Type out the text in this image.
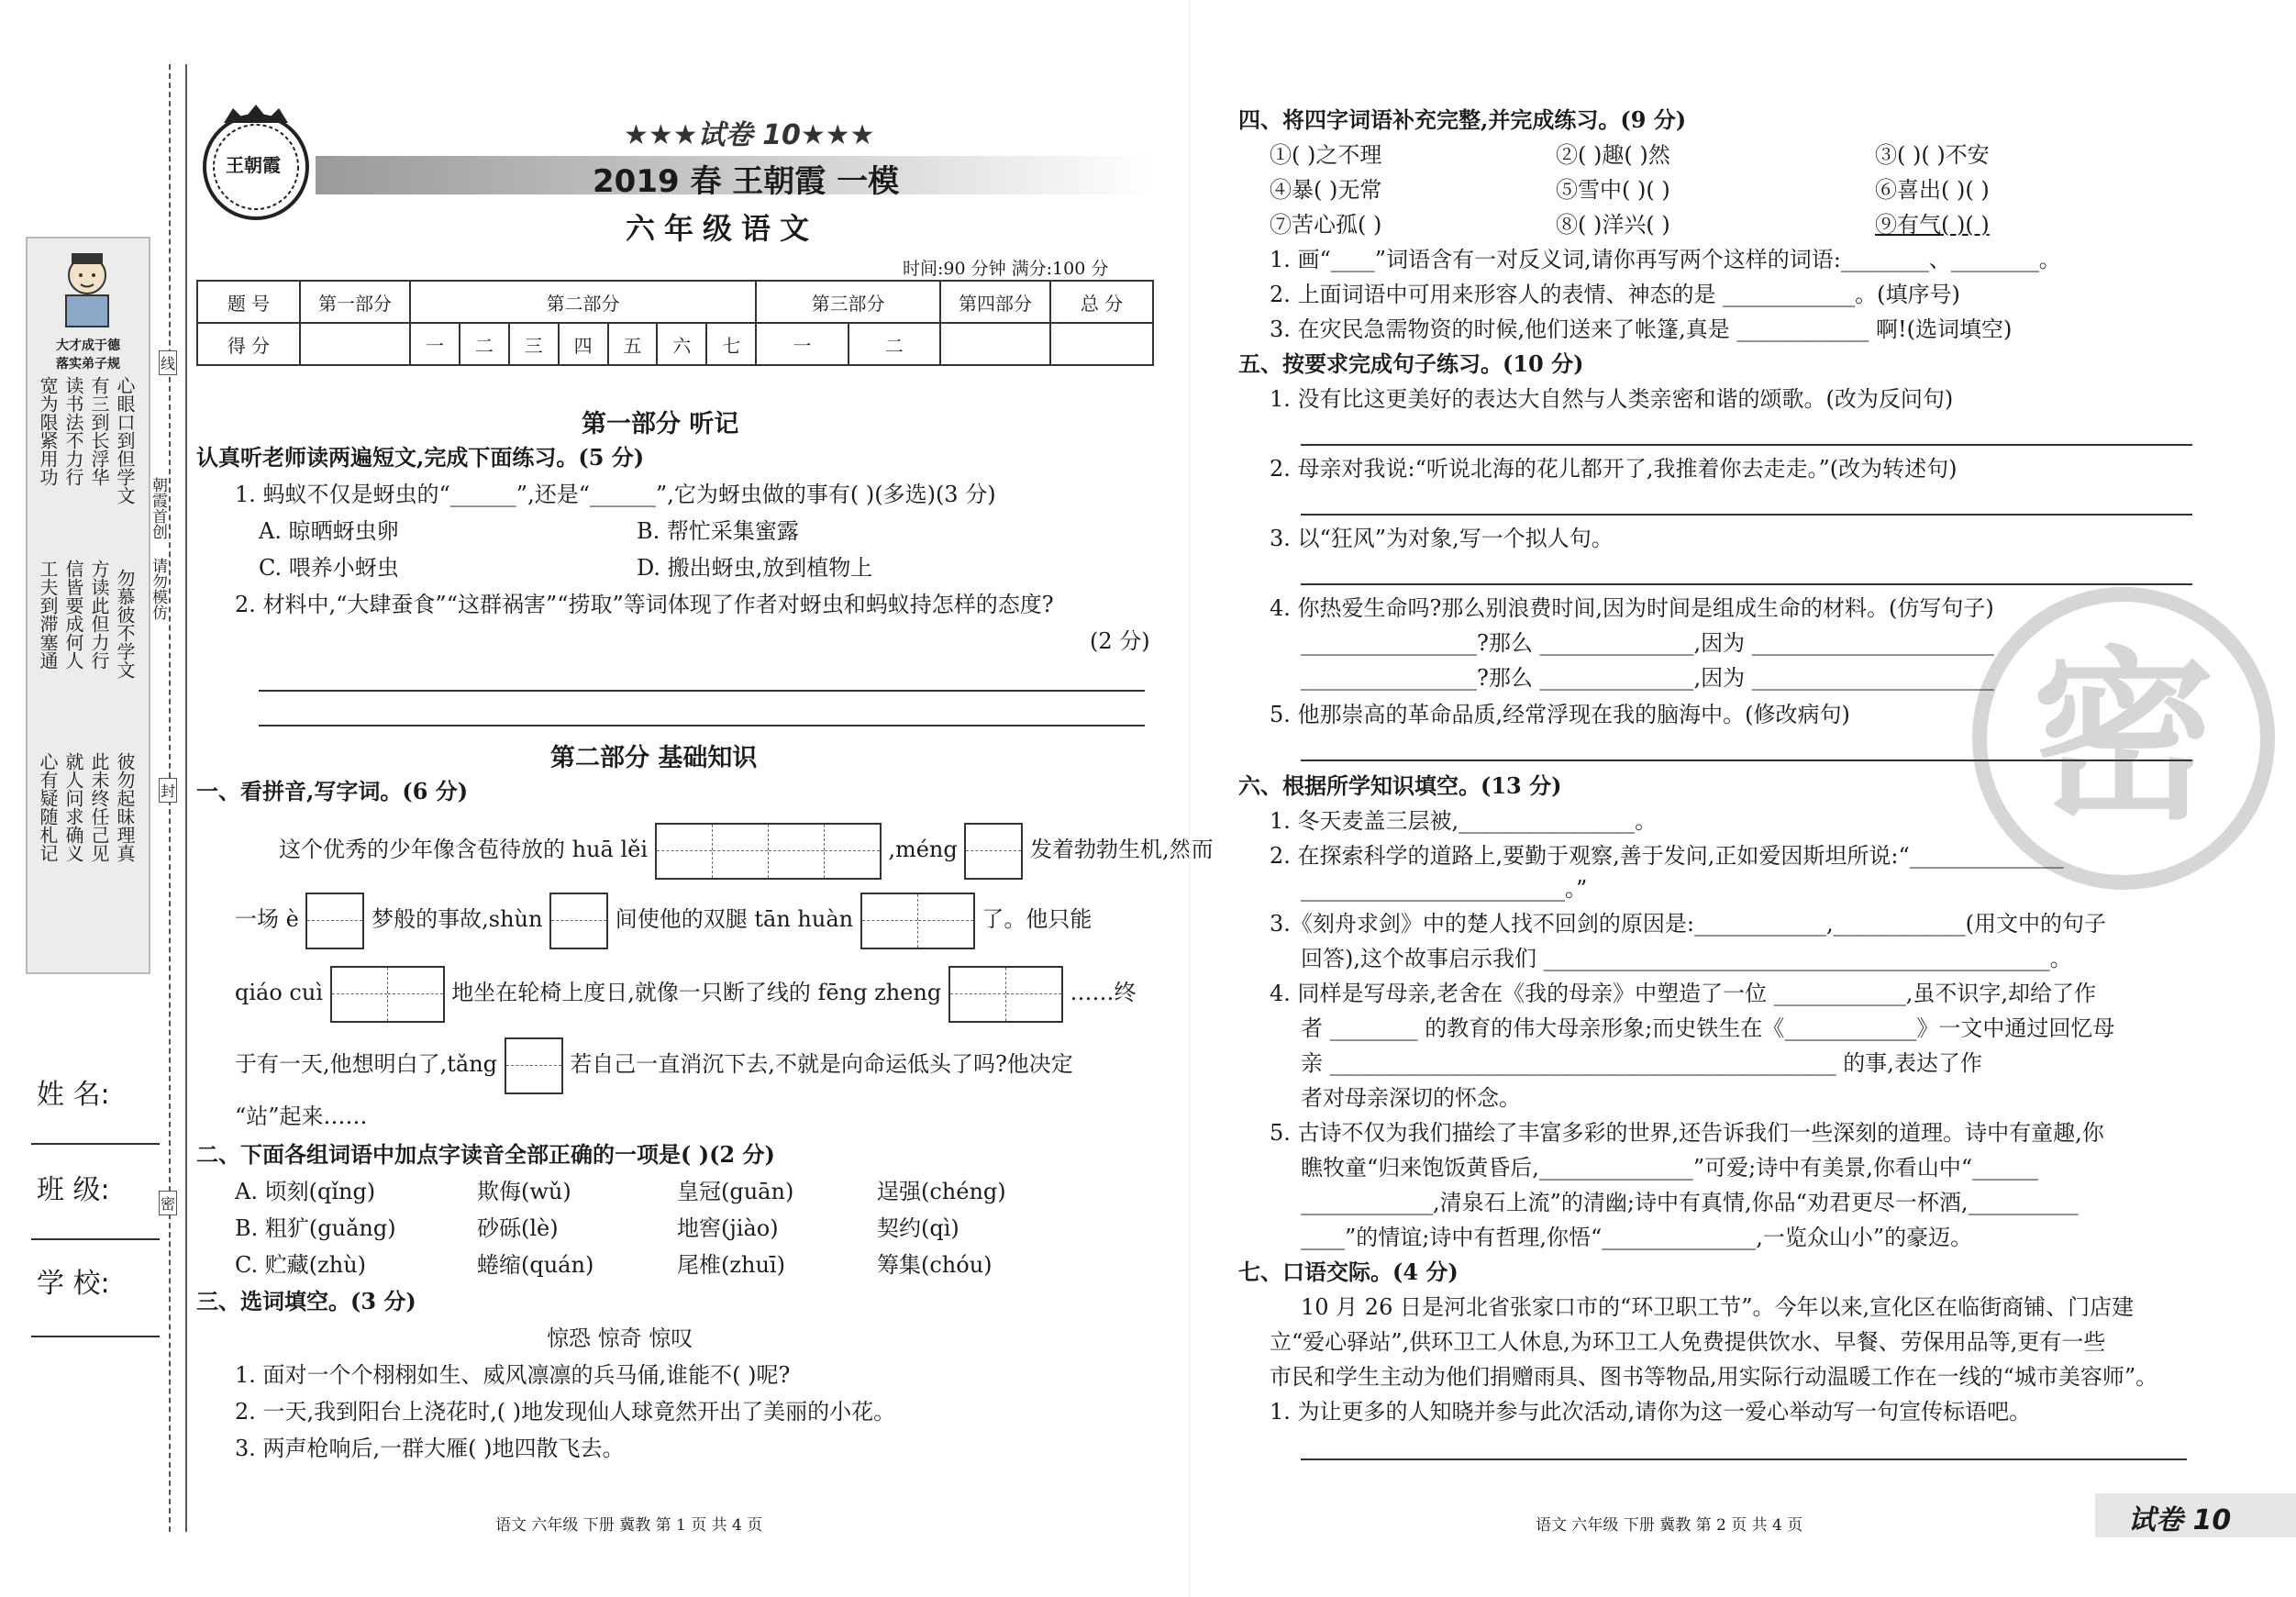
大才成于德
落实弟子规
宽为限紧用功 读书法不力行 有三到长浮华 心眼口到但学文
工夫到滞塞通 信皆要成何人 方读此但力行 勿慕彼不学文
心有疑随札记 就人问求确义 此未终任己见 彼勿起昧理真
朝霞首创 请勿模仿
线
封
密
姓 名:
班 级:
学 校:
王朝霞
★★★试卷 10★★★
2019 春 王朝霞 一模
六年级语文
时间:90 分钟 满分:100 分
题 号	第一部分	第二部分							第三部分		第四部分	总 分
得 分		一	二	三	四	五	六	七	一	二		
第一部分 听记
认真听老师读两遍短文,完成下面练习。(5 分)
1. 蚂蚁不仅是蚜虫的“______”,还是“______”,它为蚜虫做的事有( )(多选)(3 分)
A. 晾晒蚜虫卵	B. 帮忙采集蜜露
C. 喂养小蚜虫	D. 搬出蚜虫,放到植物上
2. 材料中,“大肆蚕食”“这群祸害”“捞取”等词体现了作者对蚜虫和蚂蚁持怎样的态度?
(2 分)
第二部分 基础知识
一、看拼音,写字词。(6 分)
这个优秀的少年像含苞待放的 huā lěi	,méng	发着勃勃生机,然而
一场 è	梦般的事故,shùn	间使他的双腿 tān huàn	了。他只能
qiáo cuì	地坐在轮椅上度日,就像一只断了线的 fēng zheng	……终
于有一天,他想明白了,tǎng	若自己一直消沉下去,不就是向命运低头了吗?他决定
“站”起来……
二、下面各组词语中加点字读音全部正确的一项是( )(2 分)
A. 顷刻(qǐng)	欺侮(wǔ)	皇冠(guān)	逞强(chéng)
B. 粗犷(guǎng)	砂砾(lè)	地窖(jiào)	契约(qì)
C. 贮藏(zhù)	蜷缩(quán)	尾椎(zhuī)	筹集(chóu)
三、选词填空。(3 分)
惊恐 惊奇 惊叹
1. 面对一个个栩栩如生、威风凛凛的兵马俑,谁能不( )呢?
2. 一天,我到阳台上浇花时,( )地发现仙人球竟然开出了美丽的小花。
3. 两声枪响后,一群大雁( )地四散飞去。
语文 六年级 下册 冀教 第 1 页 共 4 页
密
四、将四字词语补充完整,并完成练习。(9 分)
①( )之不理	②( )趣( )然	③( )( )不安
④暴( )无常	⑤雪中( )( )	⑥喜出( )( )
⑦苦心孤( )	⑧( )洋兴( )	⑨有气( )( )
1. 画“____”词语含有一对反义词,请你再写两个这样的词语:________、________。
2. 上面词语中可用来形容人的表情、神态的是 ____________。(填序号)
3. 在灾民急需物资的时候,他们送来了帐篷,真是 ____________ 啊!(选词填空)
五、按要求完成句子练习。(10 分)
1. 没有比这更美好的表达大自然与人类亲密和谐的颂歌。(改为反问句)
2. 母亲对我说:“听说北海的花儿都开了,我推着你去走走。”(改为转述句)
3. 以“狂风”为对象,写一个拟人句。
4. 你热爱生命吗?那么别浪费时间,因为时间是组成生命的材料。(仿写句子)
________________?那么 ______________,因为 ______________________
________________?那么 ______________,因为 ______________________
5. 他那崇高的革命品质,经常浮现在我的脑海中。(修改病句)
六、根据所学知识填空。(13 分)
1. 冬天麦盖三层被,________________。
2. 在探索科学的道路上,要勤于观察,善于发问,正如爱因斯坦所说:“______________
________________________。”
3.《刻舟求剑》中的楚人找不回剑的原因是:____________,____________(用文中的句子
回答),这个故事启示我们 ______________________________________________。
4. 同样是写母亲,老舍在《我的母亲》中塑造了一位 ____________,虽不识字,却给了作
者 ________ 的教育的伟大母亲形象;而史铁生在《____________》一文中通过回忆母
亲 ______________________________________________ 的事,表达了作
者对母亲深切的怀念。
5. 古诗不仅为我们描绘了丰富多彩的世界,还告诉我们一些深刻的道理。诗中有童趣,你
瞧牧童“归来饱饭黄昏后,______________”可爱;诗中有美景,你看山中“______
____________,清泉石上流”的清幽;诗中有真情,你品“劝君更尽一杯酒,__________
____”的情谊;诗中有哲理,你悟“______________,一览众山小”的豪迈。
七、口语交际。(4 分)
10 月 26 日是河北省张家口市的“环卫职工节”。今年以来,宣化区在临街商铺、门店建
立“爱心驿站”,供环卫工人休息,为环卫工人免费提供饮水、早餐、劳保用品等,更有一些
市民和学生主动为他们捐赠雨具、图书等物品,用实际行动温暖工作在一线的“城市美容师”。
1. 为让更多的人知晓并参与此次活动,请你为这一爱心举动写一句宣传标语吧。
语文 六年级 下册 冀教 第 2 页 共 4 页	试卷 10
